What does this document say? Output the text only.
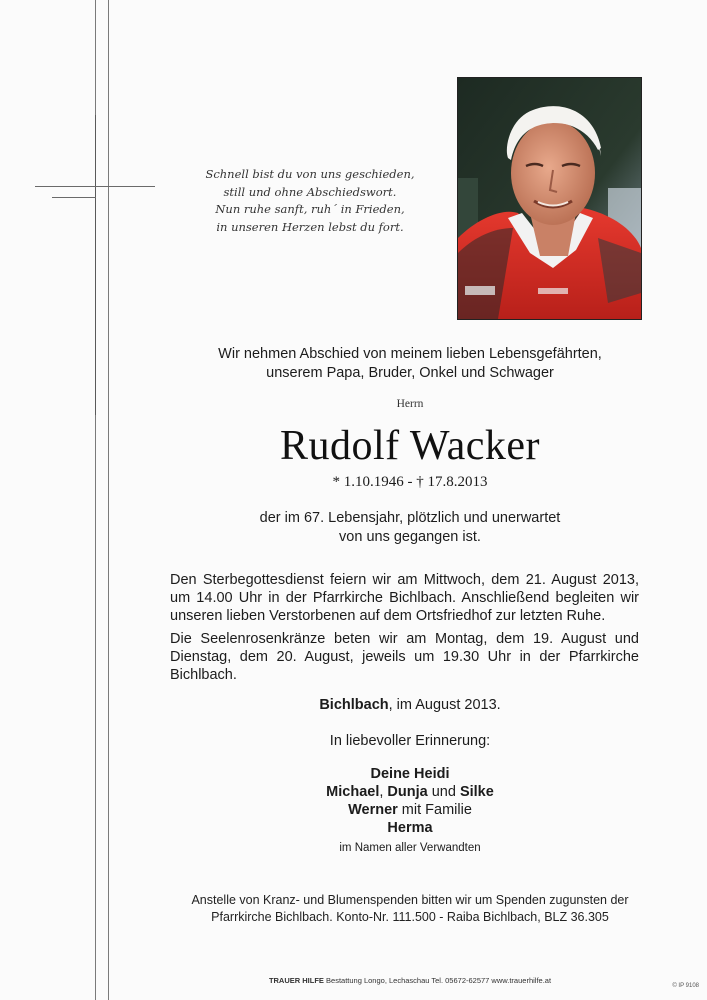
Schnell bist du von uns geschieden,
still und ohne Abschiedswort.
Nun ruhe sanft, ruh´ in Frieden,
in unseren Herzen lebst du fort.
Wir nehmen Abschied von meinem lieben Lebensgefährten,
unserem Papa, Bruder, Onkel und Schwager
Herrn
Rudolf Wacker
* 1.10.1946 - † 17.8.2013
der im 67. Lebensjahr, plötzlich und unerwartet
von uns gegangen ist.
Den Sterbegottesdienst feiern wir am Mittwoch, dem 21. August 2013, um 14.00 Uhr in der Pfarrkirche Bichlbach. Anschließend begleiten wir unseren lieben Verstorbenen auf dem Ortsfriedhof zur letzten Ruhe.
Die Seelenrosenkränze beten wir am Montag, dem 19. August und Dienstag, dem 20. August, jeweils um 19.30 Uhr in der Pfarrkirche Bichlbach.
Bichlbach, im August 2013.
In liebevoller Erinnerung:
Deine Heidi
Michael, Dunja und Silke
Werner mit Familie
Herma
im Namen aller Verwandten
Anstelle von Kranz- und Blumenspenden bitten wir um Spenden zugunsten der
Pfarrkirche Bichlbach. Konto-Nr. 111.500 - Raiba Bichlbach, BLZ 36.305
TRAUER HILFE Bestattung Longo, Lechaschau Tel. 05672-62577 www.trauerhilfe.at
© IP 9108
